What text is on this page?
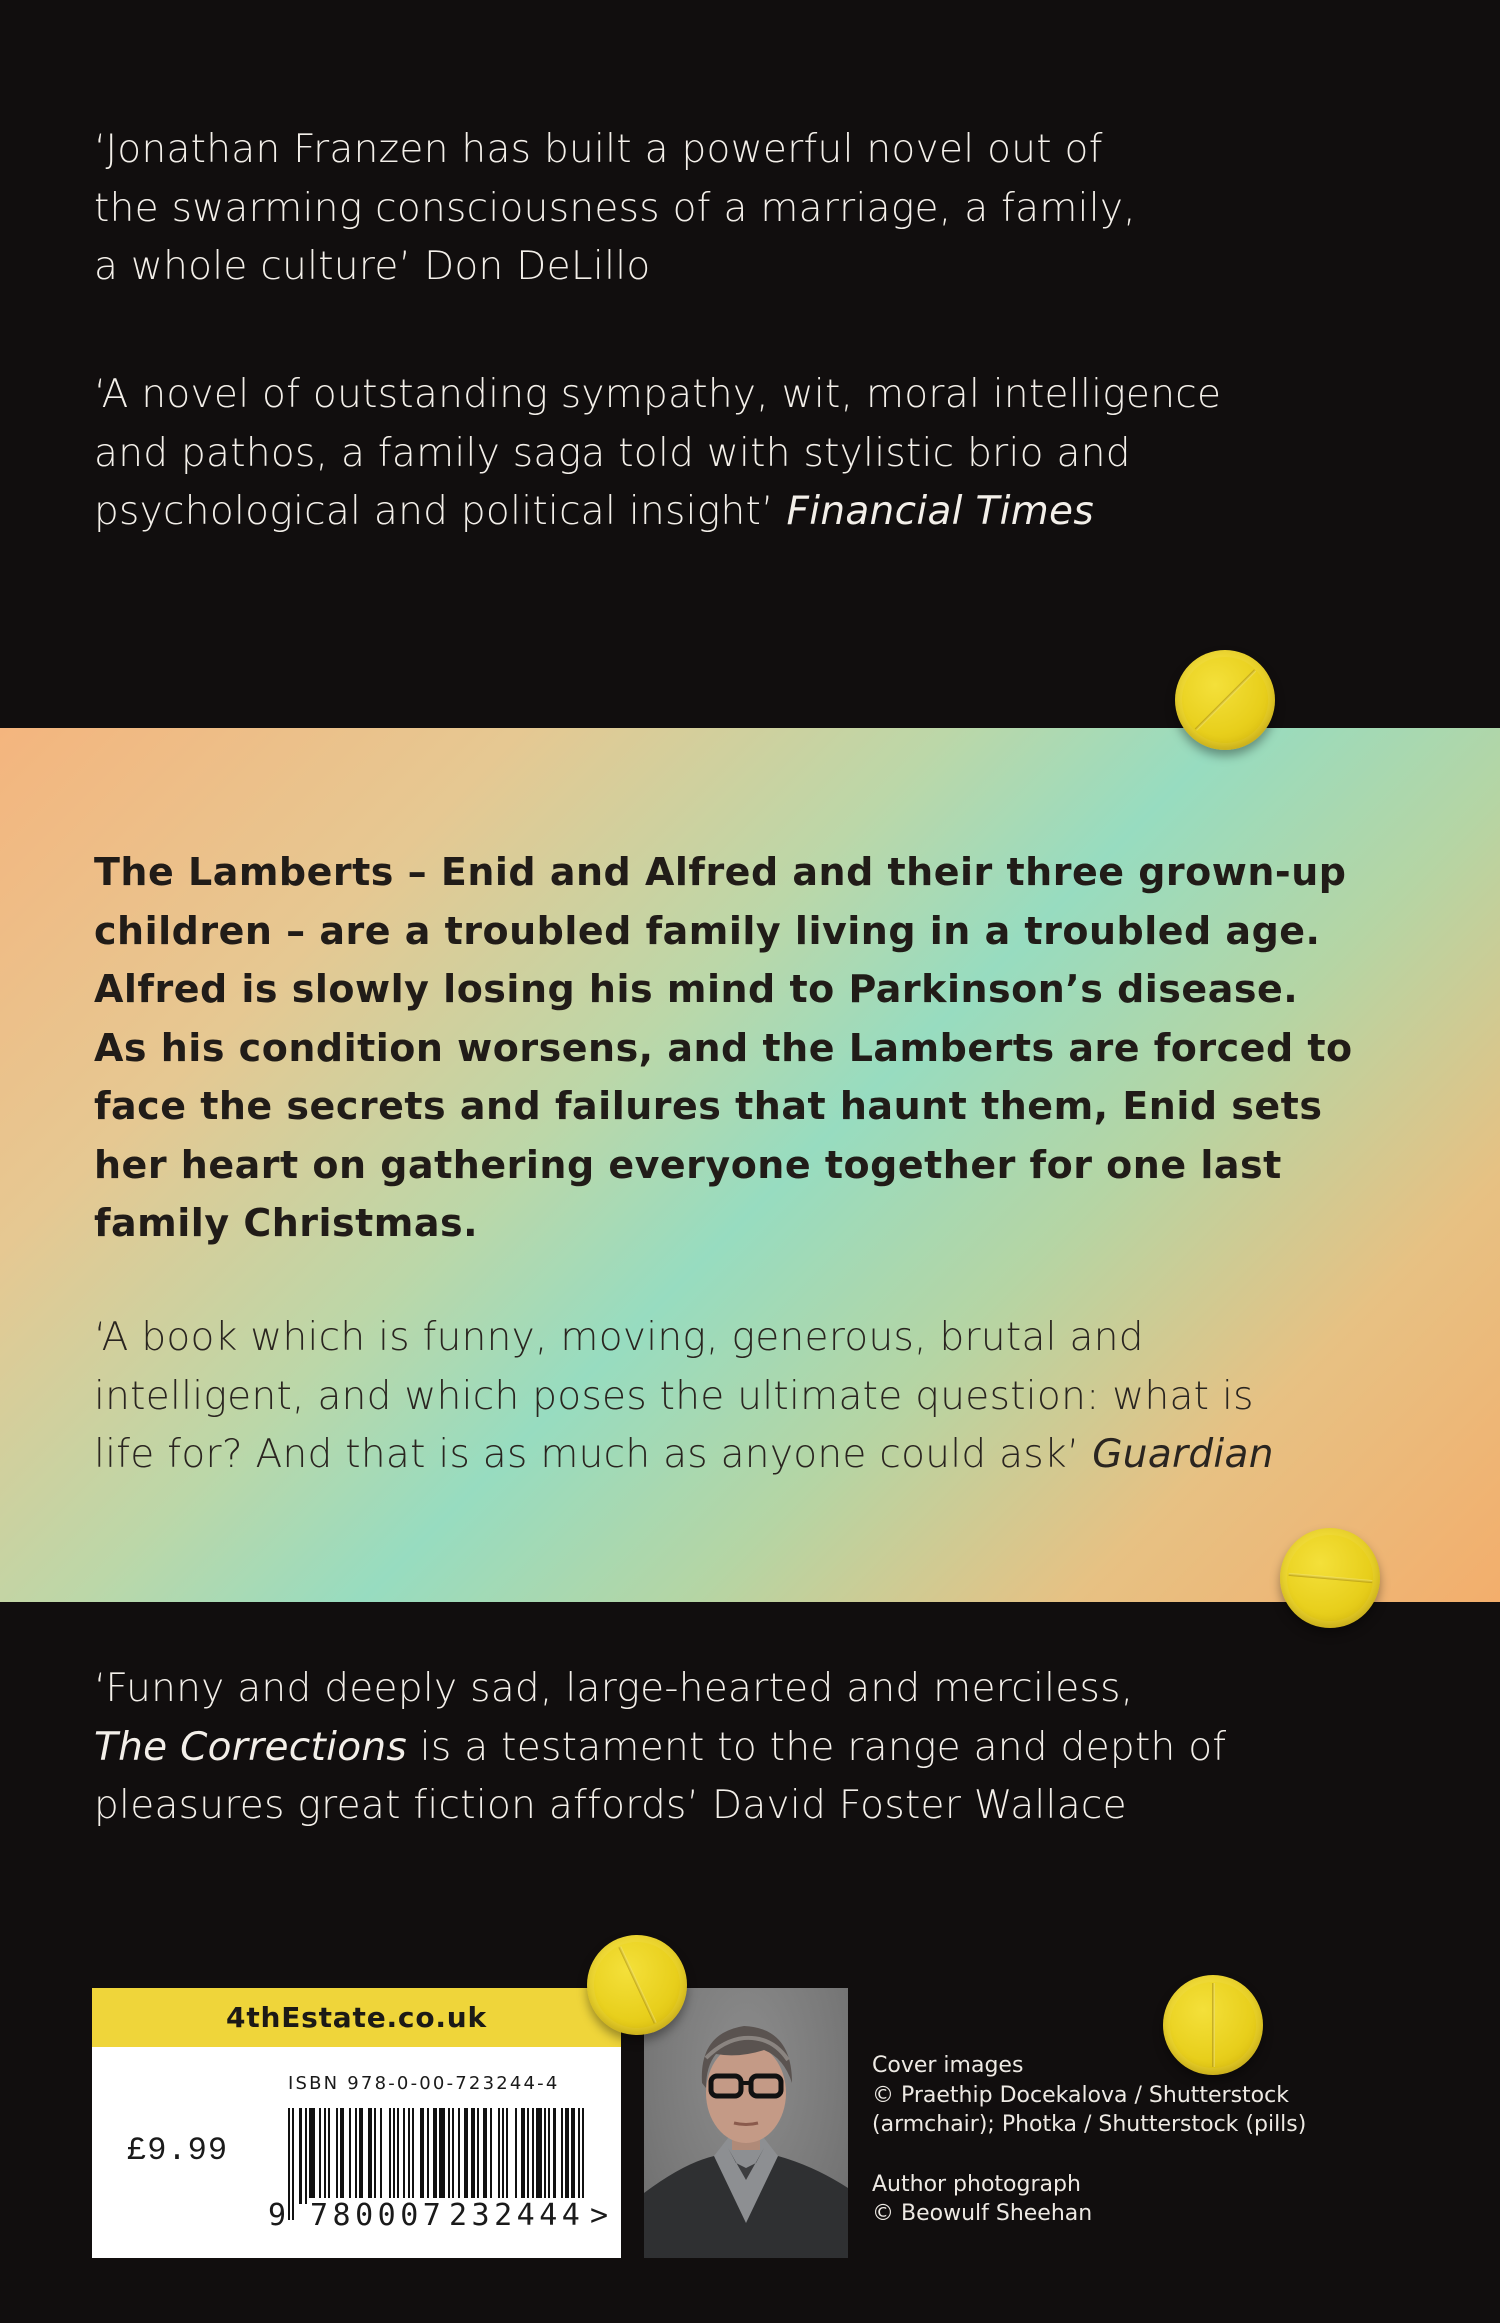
‘Jonathan Franzen has built a powerful novel out of
the swarming consciousness of a marriage, a family,
a whole culture’ Don DeLillo
‘A novel of outstanding sympathy, wit, moral intelligence
and pathos, a family saga told with stylistic brio and
psychological and political insight’ Financial Times
The Lamberts – Enid and Alfred and their three grown-up
children – are a troubled family living in a troubled age.
Alfred is slowly losing his mind to Parkinson’s disease.
As his condition worsens, and the Lamberts are forced to
face the secrets and failures that haunt them, Enid sets
her heart on gathering everyone together for one last
family Christmas.
‘A book which is funny, moving, generous, brutal and
intelligent, and which poses the ultimate question: what is
life for? And that is as much as anyone could ask’ Guardian
‘Funny and deeply sad, large-hearted and merciless,
The Corrections is a testament to the range and depth of
pleasures great fiction affords’ David Foster Wallace
4thEstate.co.uk
£9.99
ISBN 978-0-00-723244-4
9 780007 232444 >
Cover images
© Praethip Docekalova / Shutterstock
(armchair); Photka / Shutterstock (pills)
Author photograph
© Beowulf Sheehan
